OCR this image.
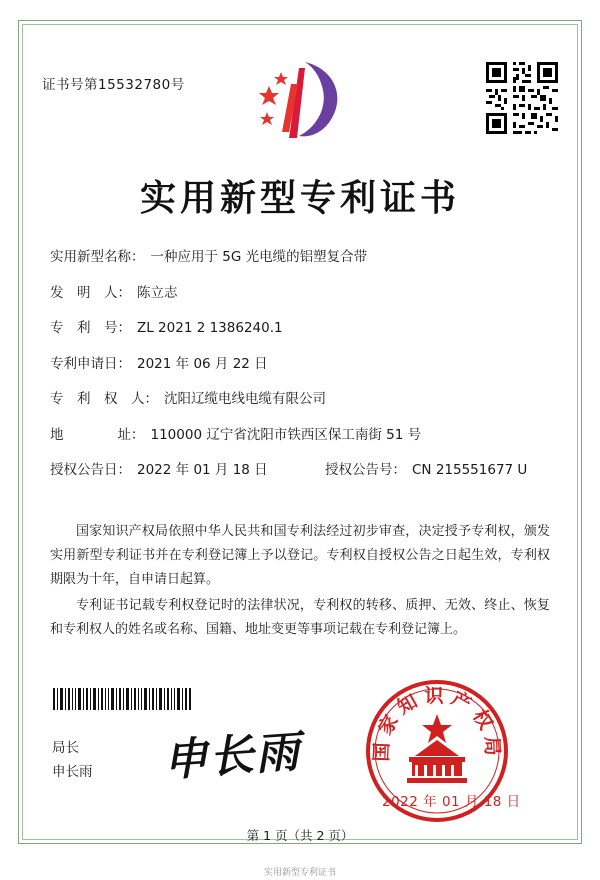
证书号第15532780号
实用新型专利证书
实用新型名称： 一种应用于 5G 光电缆的铝塑复合带
发　明　人： 陈立志
专　利　号： ZL 2021 2 1386240.1
专利申请日： 2021 年 06 月 22 日
专　利　权　人： 沈阳辽缆电线电缆有限公司
地　　　　址： 110000 辽宁省沈阳市铁西区保工南街 51 号
授权公告日： 2022 年 01 月 18 日	授权公告号： CN 215551677 U

国家知识产权局依照中华人民共和国专利法经过初步审查，决定授予专利权，颁发实用新型专利证书并在专利登记簿上予以登记。专利权自授权公告之日起生效，专利权期限为十年，自申请日起算。

专利证书记载专利权登记时的法律状况，专利权的转移、质押、无效、终止、恢复和专利权人的姓名或名称、国籍、地址变更等事项记载在专利登记簿上。

局长
申长雨 申长雨	国家知识产权局
2022 年 01 月 18 日
第 1 页（共 2 页）
实用新型专利证书
